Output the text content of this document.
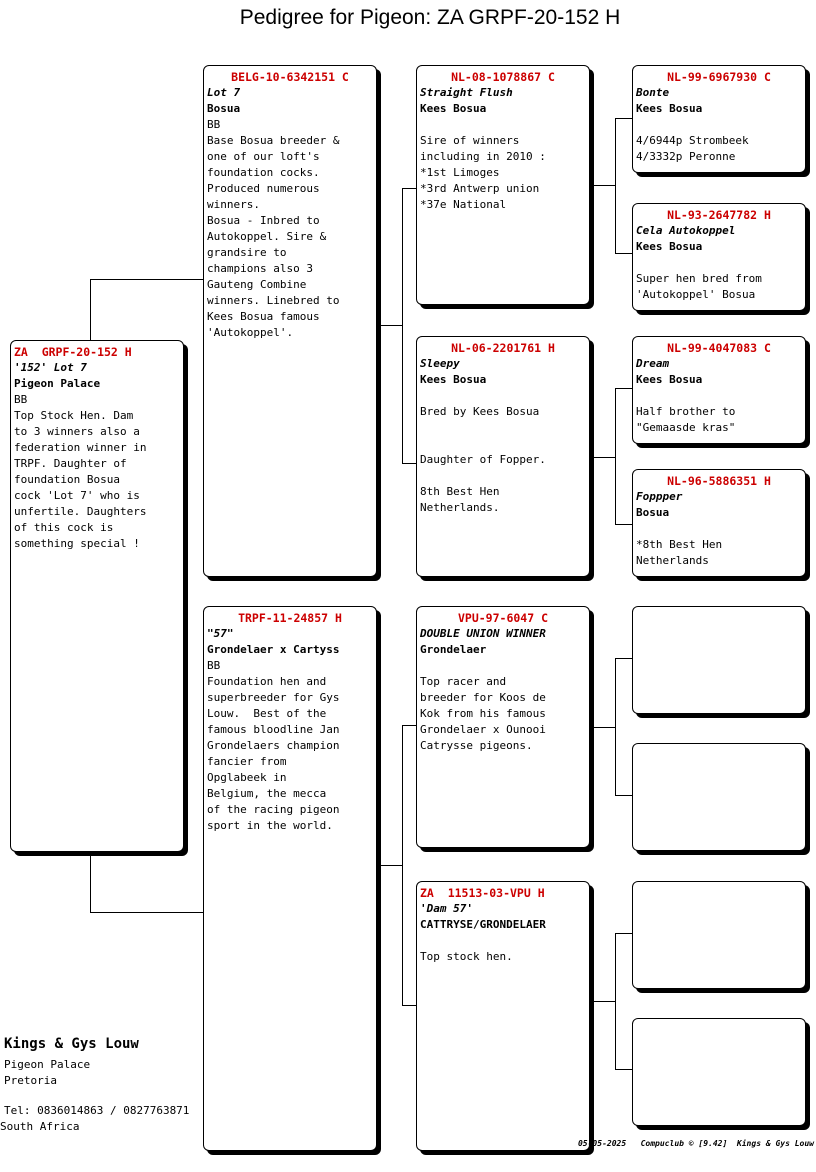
Pedigree for Pigeon: ZA GRPF-20-152 H
ZA  GRPF-20-152 H
'152' Lot 7
Pigeon Palace
BB
Top Stock Hen. Dam
to 3 winners also a
federation winner in
TRPF. Daughter of
foundation Bosua
cock 'Lot 7' who is
unfertile. Daughters
of this cock is
something special !
BELG-10-6342151 C
Lot 7
Bosua
BB
Base Bosua breeder &
one of our loft's
foundation cocks.
Produced numerous
winners.
Bosua - Inbred to
Autokoppel. Sire &
grandsire to
champions also 3
Gauteng Combine
winners. Linebred to
Kees Bosua famous
'Autokoppel'.
TRPF-11-24857 H
"57"
Grondelaer x Cartyss
BB
Foundation hen and
superbreeder for Gys
Louw.  Best of the
famous bloodline Jan
Grondelaers champion
fancier from
Opglabeek in
Belgium, the mecca
of the racing pigeon
sport in the world.
NL-08-1078867 C
Straight Flush
Kees Bosua

Sire of winners
including in 2010 :
*1st Limoges
*3rd Antwerp union
*37e National
NL-06-2201761 H
Sleepy
Kees Bosua

Bred by Kees Bosua

Daughter of Fopper.

8th Best Hen
Netherlands.
VPU-97-6047 C
DOUBLE UNION WINNER
Grondelaer

Top racer and
breeder for Koos de
Kok from his famous
Grondelaer x Ounooi
Catrysse pigeons.
ZA  11513-03-VPU H
'Dam 57'
CATTRYSE/GRONDELAER

Top stock hen.
NL-99-6967930 C
Bonte
Kees Bosua

4/6944p Strombeek
4/3332p Peronne
NL-93-2647782 H
Cela Autokoppel
Kees Bosua

Super hen bred from
'Autokoppel' Bosua
NL-99-4047083 C
Dream
Kees Bosua

Half brother to
"Gemaasde kras"
NL-96-5886351 H
Foppper
Bosua

*8th Best Hen
Netherlands
Kings & Gys Louw
Pigeon Palace
Pretoria
Tel: 0836014863 / 0827763871
South Africa
05-05-2025   Compuclub © [9.42]  Kings & Gys Louw
